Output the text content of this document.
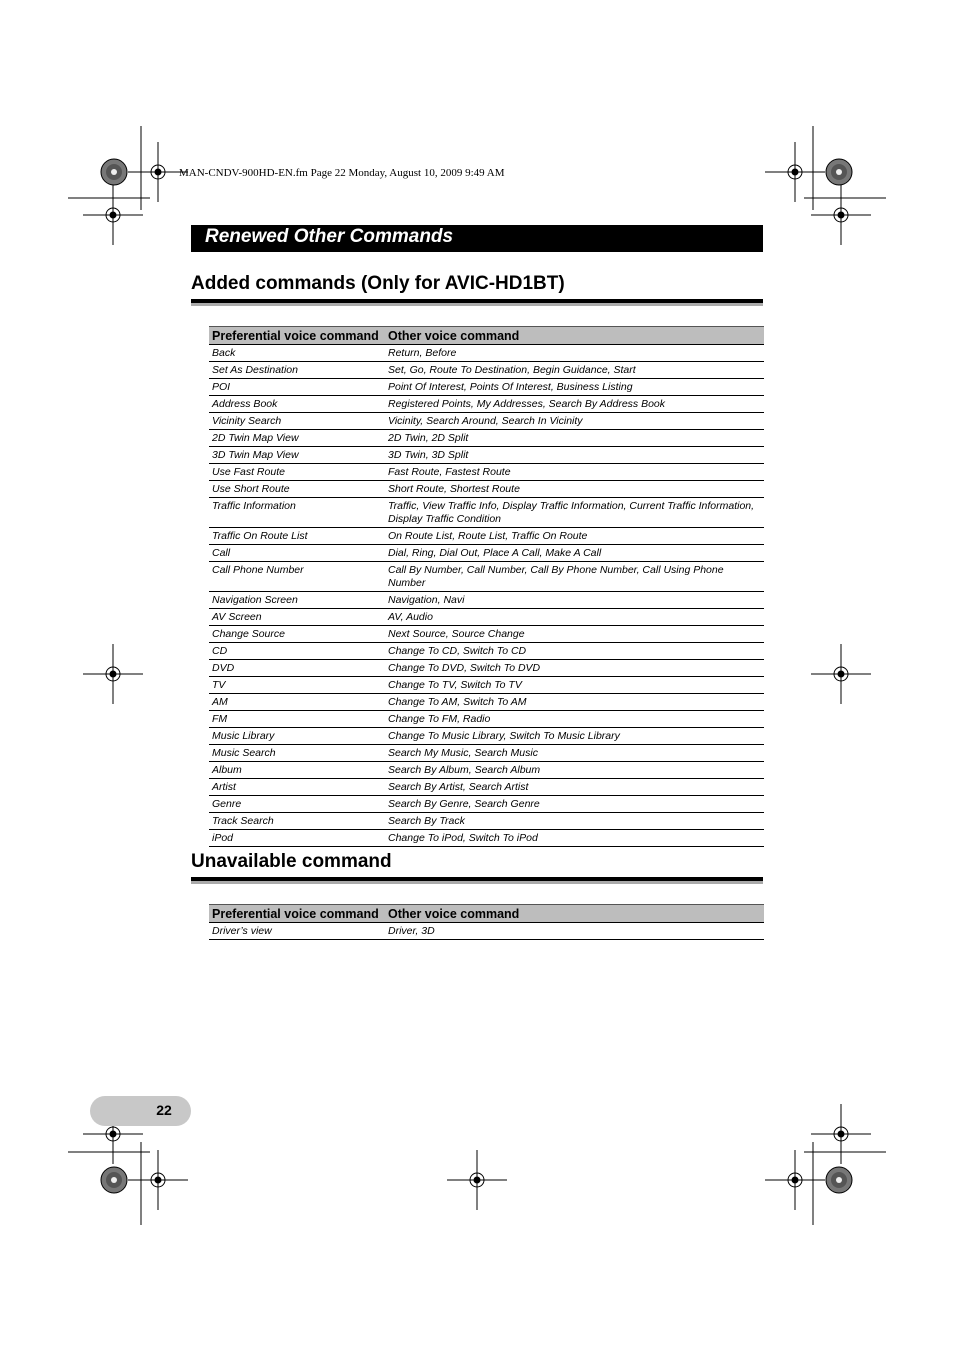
MAN-CNDV-900HD-EN.fm Page 22 Monday, August 10, 2009 9:49 AM
Renewed Other Commands
Added commands (Only for AVIC-HD1BT)
Preferential voice command	Other voice command
Back	Return, Before
Set As Destination	Set, Go, Route To Destination, Begin Guidance, Start
POI	Point Of Interest, Points Of Interest, Business Listing
Address Book	Registered Points, My Addresses, Search By Address Book
Vicinity Search	Vicinity, Search Around, Search In Vicinity
2D Twin Map View	2D Twin, 2D Split
3D Twin Map View	3D Twin, 3D Split
Use Fast Route	Fast Route, Fastest Route
Use Short Route	Short Route, Shortest Route
Traffic Information	Traffic, View Traffic Info, Display Traffic Information, Current Traffic Information, Display Traffic Condition
Traffic On Route List	On Route List, Route List, Traffic On Route
Call	Dial, Ring, Dial Out, Place A Call, Make A Call
Call Phone Number	Call By Number, Call Number, Call By Phone Number, Call Using Phone Number
Navigation Screen	Navigation, Navi
AV Screen	AV, Audio
Change Source	Next Source, Source Change
CD	Change To CD, Switch To CD
DVD	Change To DVD, Switch To DVD
TV	Change To TV, Switch To TV
AM	Change To AM, Switch To AM
FM	Change To FM, Radio
Music Library	Change To Music Library, Switch To Music Library
Music Search	Search My Music, Search Music
Album	Search By Album, Search Album
Artist	Search By Artist, Search Artist
Genre	Search By Genre, Search Genre
Track Search	Search By Track
iPod	Change To iPod, Switch To iPod
Unavailable command
Preferential voice command	Other voice command
Driver’s view	Driver, 3D
22
